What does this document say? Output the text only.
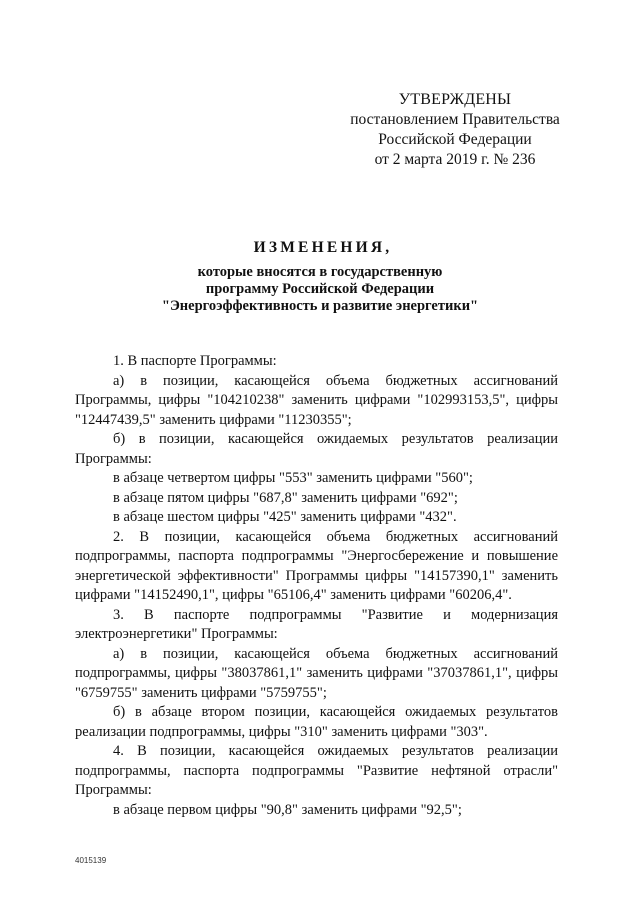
УТВЕРЖДЕНЫ
постановлением Правительства
Российской Федерации
от 2 марта 2019 г. № 236
ИЗМЕНЕНИЯ,
которые вносятся в государственную
программу Российской Федерации
"Энергоэффективность и развитие энергетики"

1. В паспорте Программы:

а) в позиции, касающейся объема бюджетных ассигнований Программы, цифры "104210238" заменить цифрами "102993153,5", цифры "12447439,5" заменить цифрами "11230355";

б) в позиции, касающейся ожидаемых результатов реализации Программы:

в абзаце четвертом цифры "553" заменить цифрами "560";

в абзаце пятом цифры "687,8" заменить цифрами "692";

в абзаце шестом цифры "425" заменить цифрами "432".

2. В позиции, касающейся объема бюджетных ассигнований подпрограммы, паспорта подпрограммы "Энергосбережение и повышение энергетической эффективности" Программы цифры "14157390,1" заменить цифрами "14152490,1", цифры "65106,4" заменить цифрами "60206,4".

3. В паспорте подпрограммы "Развитие и модернизация электроэнергетики" Программы:

а) в позиции, касающейся объема бюджетных ассигнований подпрограммы, цифры "38037861,1" заменить цифрами "37037861,1", цифры "6759755" заменить цифрами "5759755";

б) в абзаце втором позиции, касающейся ожидаемых результатов реализации подпрограммы, цифры "310" заменить цифрами "303".

4. В позиции, касающейся ожидаемых результатов реализации подпрограммы, паспорта подпрограммы "Развитие нефтяной отрасли" Программы:

в абзаце первом цифры "90,8" заменить цифрами "92,5";

4015139
